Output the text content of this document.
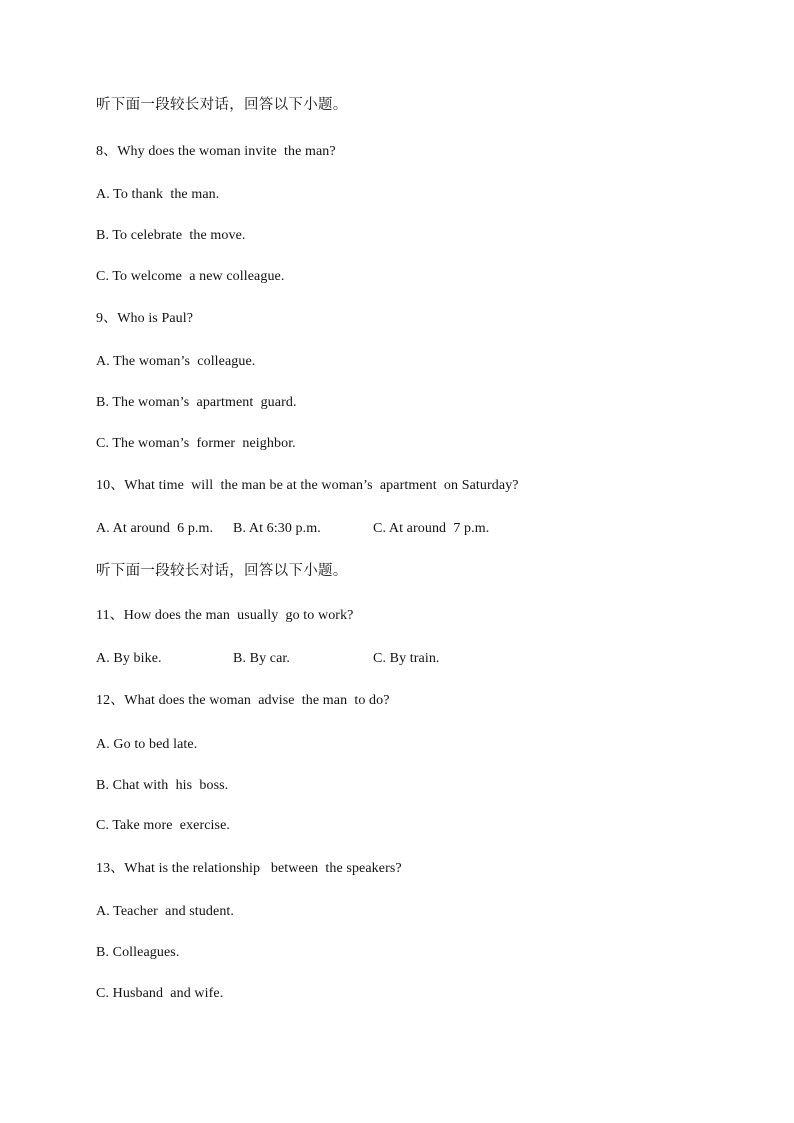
听下面一段较长对话，回答以下小题。
8、Why does the woman invite  the man?
A. To thank  the man.
B. To celebrate  the move.
C. To welcome  a new colleague.
9、Who is Paul?
A. The woman’s  colleague.
B. The woman’s  apartment  guard.
C. The woman’s  former  neighbor.
10、What time  will  the man be at the woman’s  apartment  on Saturday?

A. At around  6 p.m.

B. At 6:30 p.m.

	C. At around  7 p.m.

听下面一段较长对话，回答以下小题。
11、How does the man  usually  go to work?

A. By bike.

	B. By car.

	C. By train.

12、What does the woman  advise  the man  to do?
A. Go to bed late.
B. Chat with  his  boss.
C. Take more  exercise.
13、What is the relationship   between  the speakers?
A. Teacher  and student.
B. Colleagues.
C. Husband  and wife.
